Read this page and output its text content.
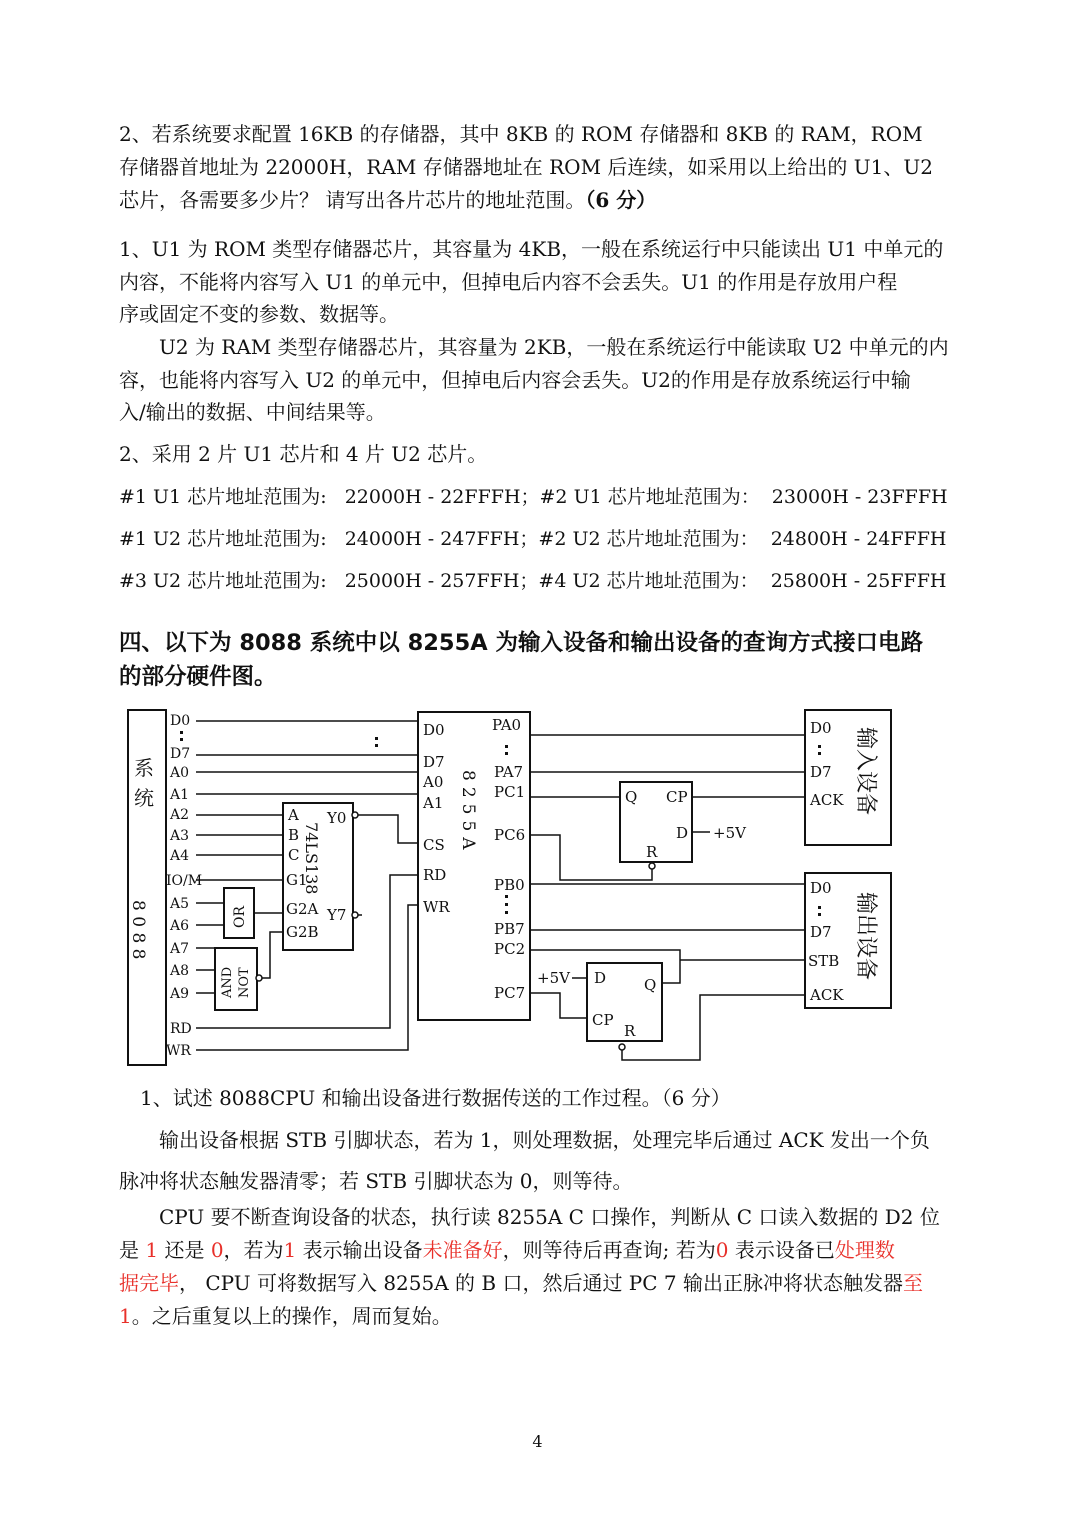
2、若系统要求配置 16KB 的存储器，其中 8KB 的 ROM 存储器和 8KB 的 RAM，ROM

存储器首地址为 22000H，RAM 存储器地址在 ROM 后连续，如采用以上给出的 U1、U2

芯片，各需要多少片？ 请写出各片芯片的地址范围。（6 分）

1、U1 为 ROM 类型存储器芯片，其容量为 4KB，一般在系统运行中只能读出 U1 中单元的

内容，不能将内容写入 U1 的单元中，但掉电后内容不会丢失。U1 的作用是存放用户程

序或固定不变的参数、数据等。

U2 为 RAM 类型存储器芯片，其容量为 2KB，一般在系统运行中能读取 U2 中单元的内

容，也能将内容写入 U2 的单元中，但掉电后内容会丢失。U2的作用是存放系统运行中输

入/输出的数据、中间结果等。

2、采用 2 片 U1 芯片和 4 片 U2 芯片。

#1 U1 芯片地址范围为:   22000H - 22FFFH；#2 U1 芯片地址范围为：  23000H - 23FFFH

#1 U2 芯片地址范围为:   24000H - 247FFH；#2 U2 芯片地址范围为：  24800H - 24FFFH

#3 U2 芯片地址范围为:   25000H - 257FFH；#4 U2 芯片地址范围为：  25800H - 25FFFH

四、以下为 8088 系统中以 8255A 为输入设备和输出设备的查询方式接口电路

的部分硬件图。

8 0 8 8
系
统
D0
D7
A0
A1
A2
A3
A4
IO/M
A5
A6
A7
A8
A9
RD
WR
A
B
C
G1
G2A
G2B
Y0
Y7
74LS138
OR
AND NOT
D0
D7
A0
A1
CS
RD
WR
8255A
PA0
PA7
PC1
PC6
PB0
PB7
PC2
PC7
Q CP
D
R
+5V
D	Q
CP
R
+5V
D0
D7
ACK 输入设备
D0
D7
STB
ACK
输出设备

1、试述 8088CPU 和输出设备进行数据传送的工作过程。（6 分）

输出设备根据 STB 引脚状态，若为 1，则处理数据，处理完毕后通过 ACK 发出一个负

脉冲将状态触发器清零；若 STB 引脚状态为 0，则等待。

CPU 要不断查询设备的状态，执行读 8255A C 口操作，判断从 C 口读入数据的 D2 位

是 1 还是 0，若为1 表示输出设备未准备好，则等待后再查询; 若为0 表示设备已处理数

据完毕， CPU 可将数据写入 8255A 的 B 口，然后通过 PC 7 输出正脉冲将状态触发器至

1。之后重复以上的操作，周而复始。

4
